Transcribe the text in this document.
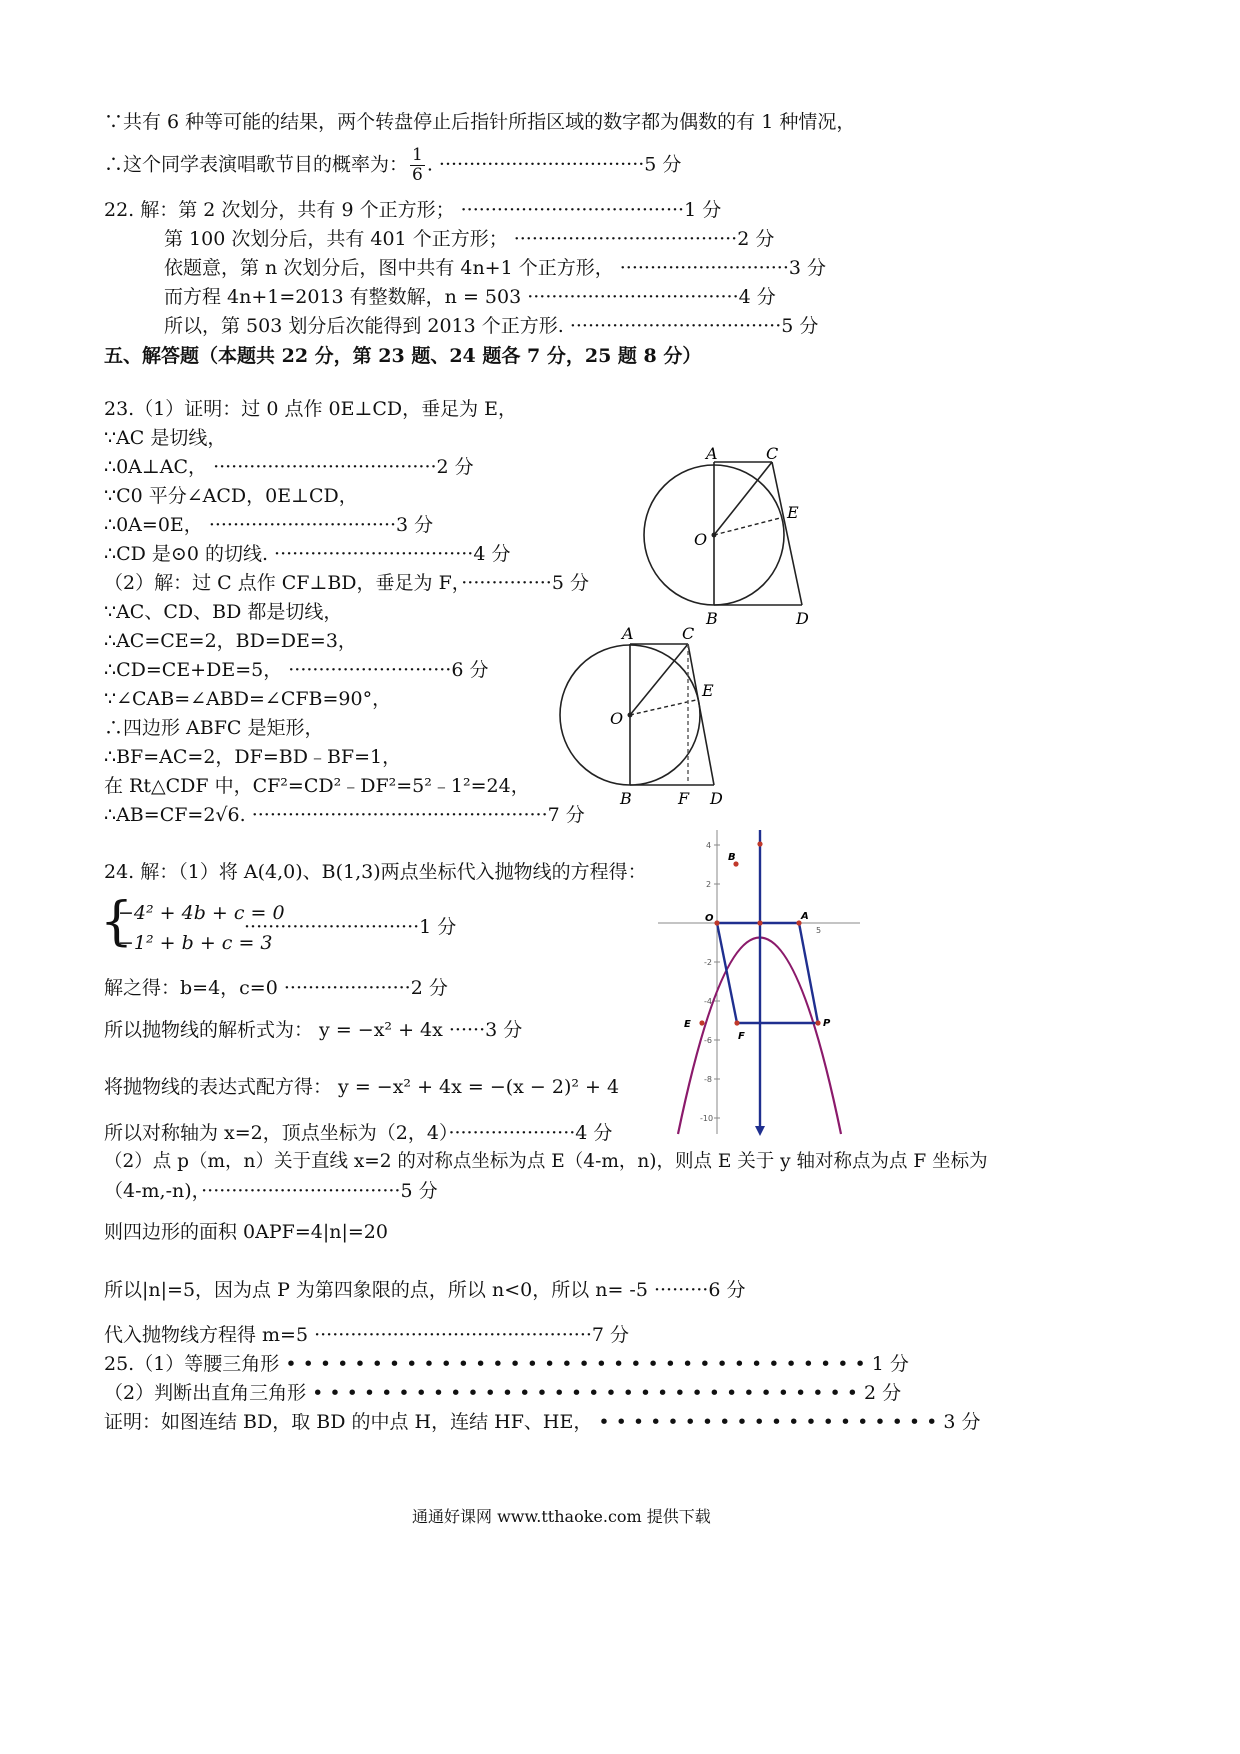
∵共有 6 种等可能的结果，两个转盘停止后指针所指区域的数字都为偶数的有 1 种情况，
∴这个同学表演唱歌节目的概率为： $\frac{1}{6}$ . ··································5 分
22. 解：第 2 次划分，共有 9 个正方形； ·····································1 分
第 100 次划分后，共有 401 个正方形； ·····································2 分
依题意，第 n 次划分后，图中共有 4n+1 个正方形， ····························3 分
而方程 4n+1=2013 有整数解，n = 503 ···································4 分
所以，第 503 划分后次能得到 2013 个正方形. ···································5 分
五、解答题（本题共 22 分，第 23 题、24 题各 7 分，25 题 8 分）
23.（1）证明：过 0 点作 0E⊥CD，垂足为 E，
∵AC 是切线，
∴0A⊥AC， ·····································2 分
∵C0 平分∠ACD，0E⊥CD，
∴0A=0E， ·······························3 分
∴CD 是⊙0 的切线. ·································4 分
（2）解：过 C 点作 CF⊥BD，垂足为 F，···············5 分
∵AC、CD、BD 都是切线，
∴AC=CE=2，BD=DE=3，
∴CD=CE+DE=5， ···························6 分
∵∠CAB=∠ABD=∠CFB=90°，
∴四边形 ABFC 是矩形，
∴BF=AC=2，DF=BD﹣BF=1，
在 Rt△CDF 中，CF²=CD²﹣DF²=5²﹣1²=24，
∴AB=CF=2√6. ·················································7 分
A	C
E
O
B	D
A	C
E
O
B	F D
24. 解：（1）将 A(4,0)、B(1,3)两点坐标代入抛物线的方程得：
{
−4² + 4b + c = 0
−1² + b + c = 3
·····························1 分
解之得：b=4，c=0 ·····················2 分
所以抛物线的解析式为： y = −x² + 4x ······3 分
将抛物线的表达式配方得： y = −x² + 4x = −(x − 2)² + 4
所以对称轴为 x=2，顶点坐标为（2，4）·····················4 分
（2）点 p（m，n）关于直线 x=2 的对称点坐标为点 E（4-m，n)，则点 E 关于 y 轴对称点为点 F 坐标为
（4-m,-n)，·································5 分
则四边形的面积 0APF=4|n|=20
所以|n|=5，因为点 P 为第四象限的点，所以 n<0，所以 n= -5 ·········6 分
代入抛物线方程得 m=5 ··············································7 分
4
2
-2
-4
-6
-8
-10
5
B
O	A
E
F
P
25.（1）等腰三角形 • • • • • • • • • • • • • • • • • • • • • • • • • • • • • • • • • • 1 分
（2）判断出直角三角形 • • • • • • • • • • • • • • • • • • • • • • • • • • • • • • • • 2 分
证明：如图连结 BD，取 BD 的中点 H，连结 HF、HE， • • • • • • • • • • • • • • • • • • • • 3 分
通通好课网 www.tthaoke.com 提供下载
